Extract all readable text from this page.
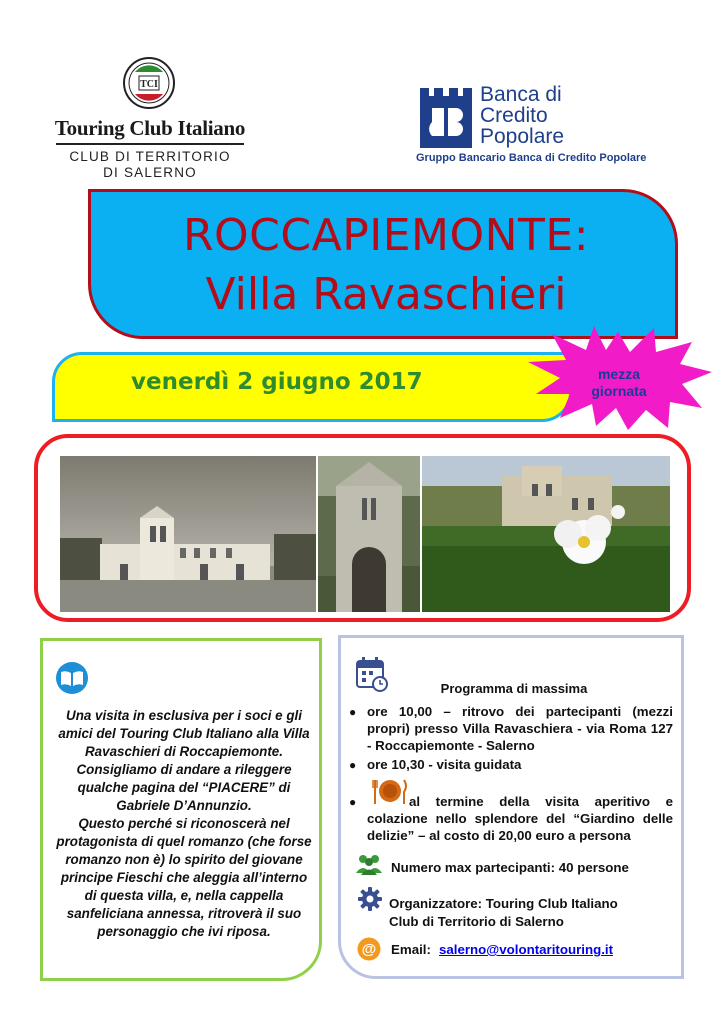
TCI
Touring Club Italiano
CLUB DI TERRITORIO
DI SALERNO
Banca di
Credito
Popolare
Gruppo Bancario Banca di Credito Popolare
ROCCAPIEMONTE:
Villa Ravaschieri
venerdì 2 giugno 2017	mezza
giornata
Una visita in esclusiva per i soci e gli amici del Touring Club Italiano alla Villa Ravaschieri di Roccapiemonte.
Consigliamo di andare a rileggere qualche pagina del “PIACERE” di Gabriele D’Annunzio.
Questo perché si riconoscerà nel protagonista di quel romanzo (che forse romanzo non è) lo spirito del giovane principe Fieschi che aleggia all’interno di questa villa, e, nella cappella sanfeliciana annessa, ritroverà il suo personaggio che ivi riposa.
Programma di massima
● ore 10,00 – ritrovo dei partecipanti (mezzi propri) presso Villa Ravaschiera - via Roma 127 - Roccapiemonte - Salerno
● ore 10,30 - visita guidata
●	al termine della visita aperitivo e colazione nello splendore del “Giardino delle delizie” – al costo di 20,00 euro a persona
Numero max partecipanti: 40 persone
Organizzatore: Touring Club Italiano
Club di Territorio di Salerno
@ Email: salerno@volontaritouring.it
